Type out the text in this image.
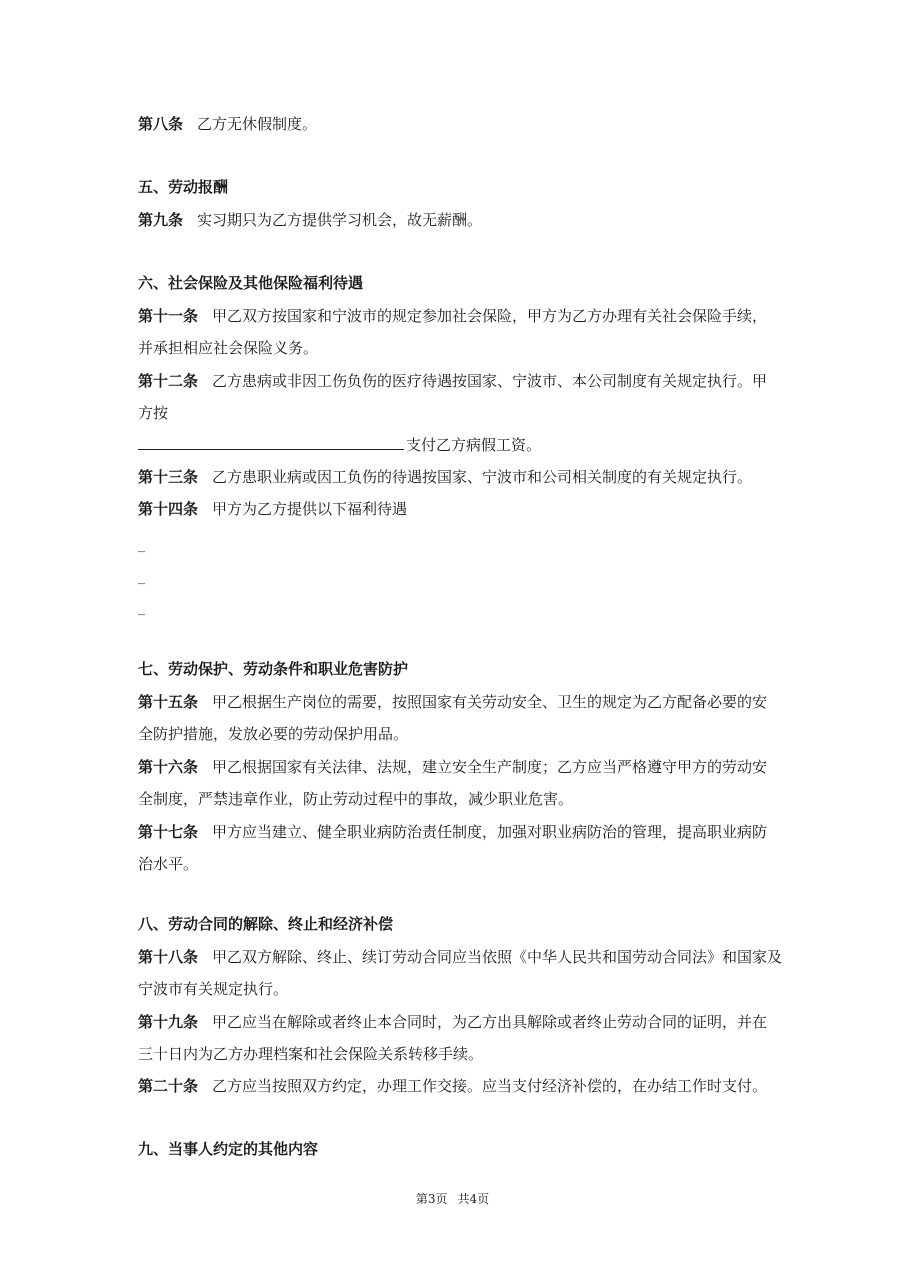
第八条 乙方无休假制度。
五、劳动报酬
第九条 实习期只为乙方提供学习机会，故无薪酬。
六、社会保险及其他保险福利待遇
第十一条 甲乙双方按国家和宁波市的规定参加社会保险，甲方为乙方办理有关社会保险手续，
并承担相应社会保险义务。
第十二条 乙方患病或非因工伤负伤的医疗待遇按国家、宁波市、本公司制度有关规定执行。甲
方按
支付乙方病假工资。
第十三条 乙方患职业病或因工负伤的待遇按国家、宁波市和公司相关制度的有关规定执行。
第十四条 甲方为乙方提供以下福利待遇
_
_
_
七、劳动保护、劳动条件和职业危害防护
第十五条 甲乙根据生产岗位的需要，按照国家有关劳动安全、卫生的规定为乙方配备必要的安
全防护措施，发放必要的劳动保护用品。
第十六条 甲乙根据国家有关法律、法规，建立安全生产制度；乙方应当严格遵守甲方的劳动安
全制度，严禁违章作业，防止劳动过程中的事故，减少职业危害。
第十七条 甲方应当建立、健全职业病防治责任制度，加强对职业病防治的管理，提高职业病防
治水平。
八、劳动合同的解除、终止和经济补偿
第十八条 甲乙双方解除、终止、续订劳动合同应当依照《中华人民共和国劳动合同法》和国家及
宁波市有关规定执行。
第十九条 甲乙应当在解除或者终止本合同时，为乙方出具解除或者终止劳动合同的证明，并在
三十日内为乙方办理档案和社会保险关系转移手续。
第二十条 乙方应当按照双方约定，办理工作交接。应当支付经济补偿的，在办结工作时支付。
九、当事人约定的其他内容
第3页 共4页
